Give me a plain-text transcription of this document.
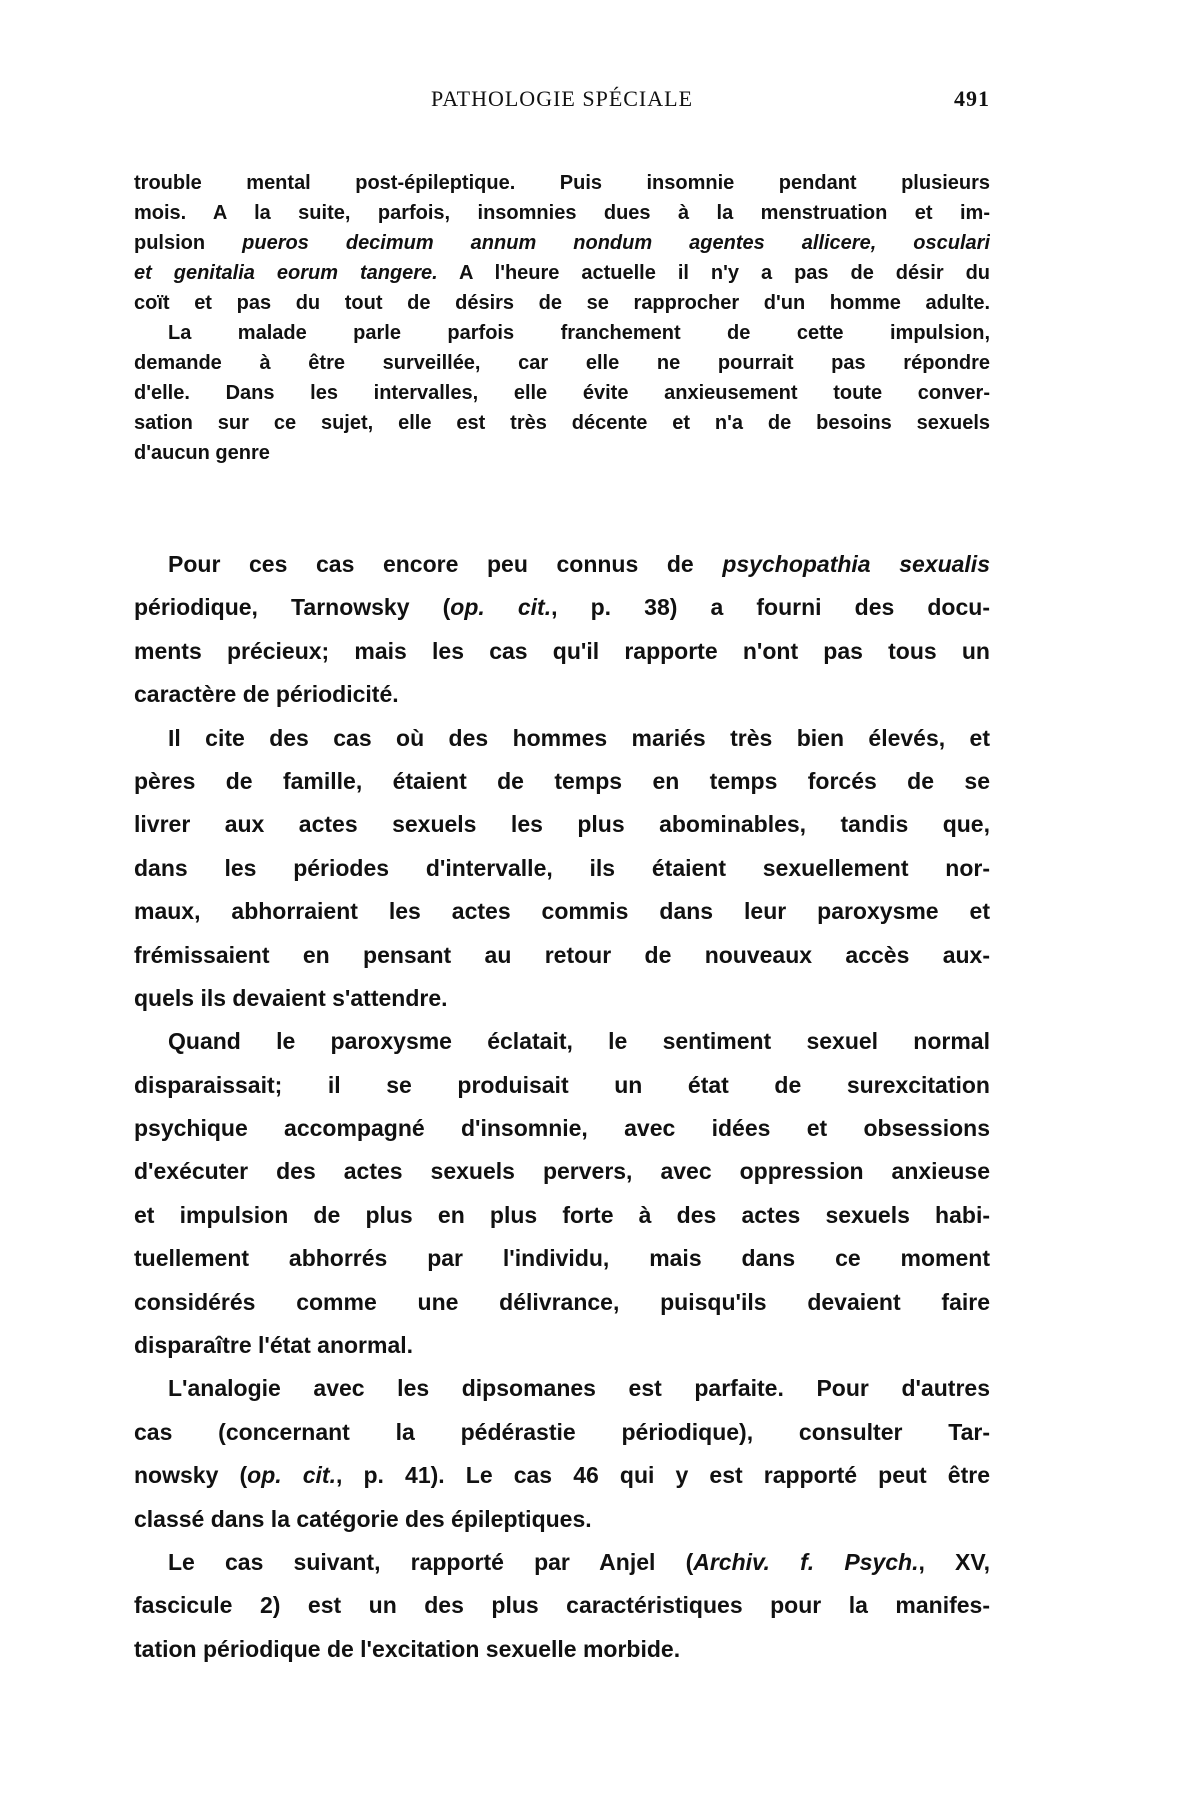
PATHOLOGIE SPÉCIALE	491
trouble mental post-épileptique. Puis insomnie pendant plusieurs
mois. A la suite, parfois, insomnies dues à la menstruation et im-
pulsion pueros decimum annum nondum agentes allicere, osculari
et genitalia eorum tangere. A l'heure actuelle il n'y a pas de désir du
coït et pas du tout de désirs de se rapprocher d'un homme adulte.
La malade parle parfois franchement de cette impulsion,
demande à être surveillée, car elle ne pourrait pas répondre
d'elle. Dans les intervalles, elle évite anxieusement toute conver-
sation sur ce sujet, elle est très décente et n'a de besoins sexuels
d'aucun genre
Pour ces cas encore peu connus de psychopathia sexualis
périodique, Tarnowsky (op. cit., p. 38) a fourni des docu-
ments précieux; mais les cas qu'il rapporte n'ont pas tous un
caractère de périodicité.
Il cite des cas où des hommes mariés très bien élevés, et
pères de famille, étaient de temps en temps forcés de se
livrer aux actes sexuels les plus abominables, tandis que,
dans les périodes d'intervalle, ils étaient sexuellement nor-
maux, abhorraient les actes commis dans leur paroxysme et
frémissaient en pensant au retour de nouveaux accès aux-
quels ils devaient s'attendre.
Quand le paroxysme éclatait, le sentiment sexuel normal
disparaissait; il se produisait un état de surexcitation
psychique accompagné d'insomnie, avec idées et obsessions
d'exécuter des actes sexuels pervers, avec oppression anxieuse
et impulsion de plus en plus forte à des actes sexuels habi-
tuellement abhorrés par l'individu, mais dans ce moment
considérés comme une délivrance, puisqu'ils devaient faire
disparaître l'état anormal.
L'analogie avec les dipsomanes est parfaite. Pour d'autres
cas (concernant la pédérastie périodique), consulter Tar-
nowsky (op. cit., p. 41). Le cas 46 qui y est rapporté peut être
classé dans la catégorie des épileptiques.
Le cas suivant, rapporté par Anjel (Archiv. f. Psych., XV,
fascicule 2) est un des plus caractéristiques pour la manifes-
tation périodique de l'excitation sexuelle morbide.
